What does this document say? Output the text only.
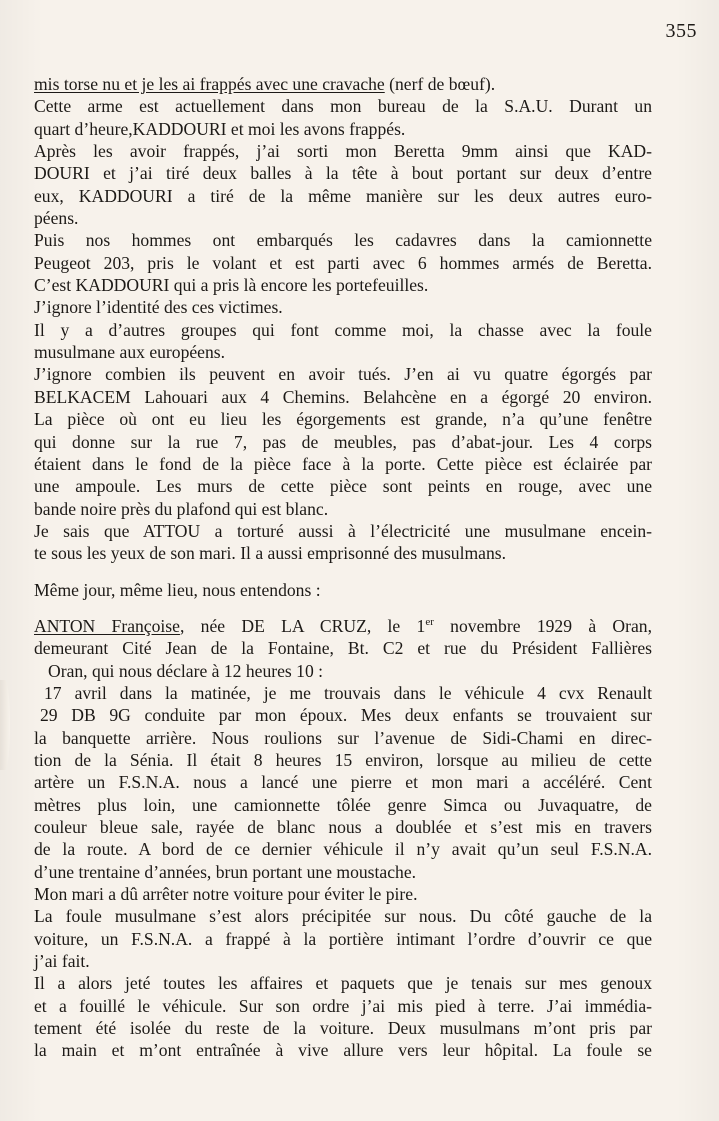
355
mis torse nu et je les ai frappés avec une cravache (nerf de bœuf).
Cette arme est actuellement dans mon bureau de la S.A.U. Durant un
quart d’heure,KADDOURI et moi les avons frappés.
Après les avoir frappés, j’ai sorti mon Beretta 9mm ainsi que KAD-
DOURI et j’ai tiré deux balles à la tête à bout portant sur deux d’entre
eux, KADDOURI a tiré de la même manière sur les deux autres euro-
péens.
Puis nos hommes ont embarqués les cadavres dans la camionnette
Peugeot 203, pris le volant et est parti avec 6 hommes armés de Beretta.
C’est KADDOURI qui a pris là encore les portefeuilles.
J’ignore l’identité des ces victimes.
Il y a d’autres groupes qui font comme moi, la chasse avec la foule
musulmane aux européens.
J’ignore combien ils peuvent en avoir tués. J’en ai vu quatre égorgés par
BELKACEM Lahouari aux 4 Chemins. Belahcène en a égorgé 20 environ.
La pièce où ont eu lieu les égorgements est grande, n’a qu’une fenêtre
qui donne sur la rue 7, pas de meubles, pas d’abat-jour. Les 4 corps
étaient dans le fond de la pièce face à la porte. Cette pièce est éclairée par
une ampoule. Les murs de cette pièce sont peints en rouge, avec une
bande noire près du plafond qui est blanc.
Je sais que ATTOU a torturé aussi à l’électricité une musulmane encein-
te sous les yeux de son mari. Il a aussi emprisonné des musulmans.
Même jour, même lieu, nous entendons :
ANTON Françoise, née DE LA CRUZ, le 1er novembre 1929 à Oran,
demeurant Cité Jean de la Fontaine, Bt. C2 et rue du Président Fallières
Oran, qui nous déclare à 12 heures 10 :
17 avril dans la matinée, je me trouvais dans le véhicule 4 cvx Renault
29 DB 9G conduite par mon époux. Mes deux enfants se trouvaient sur
la banquette arrière. Nous roulions sur l’avenue de Sidi-Chami en direc-
tion de la Sénia. Il était 8 heures 15 environ, lorsque au milieu de cette
artère un F.S.N.A. nous a lancé une pierre et mon mari a accéléré. Cent
mètres plus loin, une camionnette tôlée genre Simca ou Juvaquatre, de
couleur bleue sale, rayée de blanc nous a doublée et s’est mis en travers
de la route. A bord de ce dernier véhicule il n’y avait qu’un seul F.S.N.A.
d’une trentaine d’années, brun portant une moustache.
Mon mari a dû arrêter notre voiture pour éviter le pire.
La foule musulmane s’est alors précipitée sur nous. Du côté gauche de la
voiture, un F.S.N.A. a frappé à la portière intimant l’ordre d’ouvrir ce que
j’ai fait.
Il a alors jeté toutes les affaires et paquets que je tenais sur mes genoux
et a fouillé le véhicule. Sur son ordre j’ai mis pied à terre. J’ai immédia-
tement été isolée du reste de la voiture. Deux musulmans m’ont pris par
la main et m’ont entraînée à vive allure vers leur hôpital. La foule se
